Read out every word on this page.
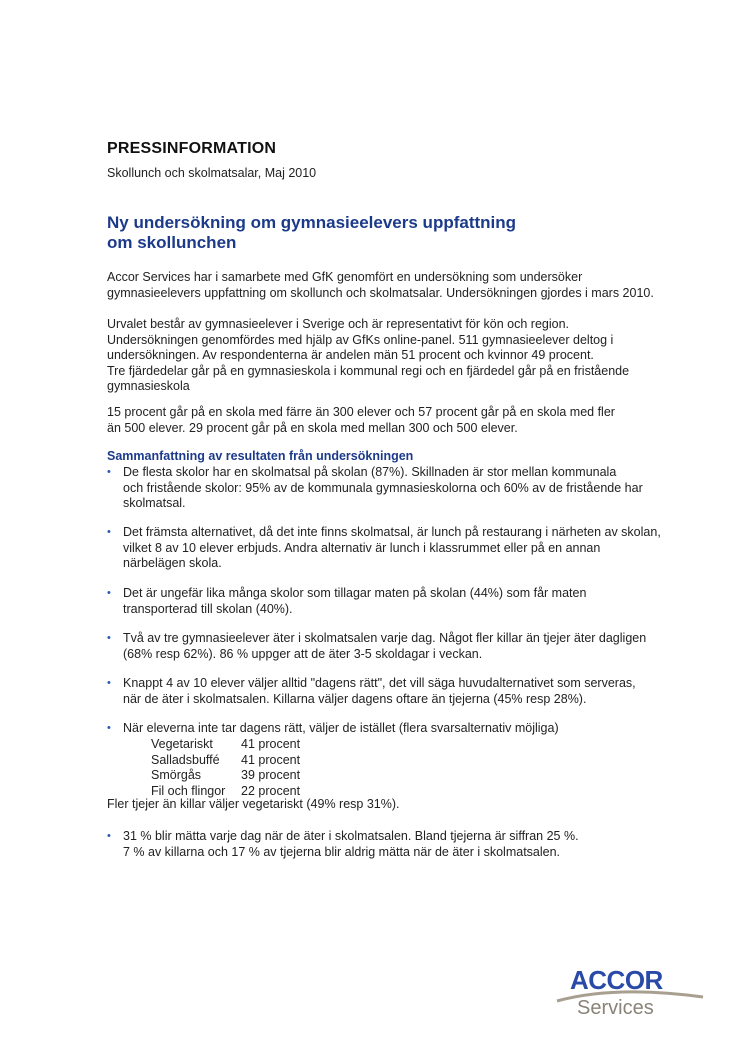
PRESSINFORMATION
Skollunch och skolmatsalar, Maj 2010
Ny undersökning om gymnasieelevers uppfattning
om skollunchen
Accor Services har i samarbete med GfK genomfört en undersökning som undersöker
gymnasieelevers uppfattning om skollunch och skolmatsalar. Undersökningen gjordes i mars 2010.
Urvalet består av gymnasieelever i Sverige och är representativt för kön och region.
Undersökningen genomfördes med hjälp av GfKs online-panel. 511 gymnasieelever deltog i
undersökningen. Av respondenterna är andelen män 51 procent och kvinnor 49 procent.
Tre fjärdedelar går på en gymnasieskola i kommunal regi och en fjärdedel går på en fristående
gymnasieskola
15 procent går på en skola med färre än 300 elever och 57 procent går på en skola med fler
än 500 elever. 29 procent går på en skola med mellan 300 och 500 elever.
Sammanfattning av resultaten från undersökningen
• De flesta skolor har en skolmatsal på skolan (87%). Skillnaden är stor mellan kommunala
och fristående skolor: 95% av de kommunala gymnasieskolorna och 60% av de fristående har
skolmatsal.
• Det främsta alternativet, då det inte finns skolmatsal, är lunch på restaurang i närheten av skolan,
vilket 8 av 10 elever erbjuds. Andra alternativ är lunch i klassrummet eller på en annan
närbelägen skola.
• Det är ungefär lika många skolor som tillagar maten på skolan (44%) som får maten
transporterad till skolan (40%).
• Två av tre gymnasieelever äter i skolmatsalen varje dag. Något fler killar än tjejer äter dagligen
(68% resp 62%). 86 % uppger att de äter 3-5 skoldagar i veckan.
• Knappt 4 av 10 elever väljer alltid "dagens rätt", det vill säga huvudalternativet som serveras,
när de äter i skolmatsalen. Killarna väljer dagens oftare än tjejerna (45% resp 28%).
• När eleverna inte tar dagens rätt, väljer de istället (flera svarsalternativ möjliga)
Vegetariskt	41 procent
Salladsbuffé	41 procent
Smörgås	39 procent
Fil och flingor	22 procent
Fler tjejer än killar väljer vegetariskt (49% resp 31%).
• 31 % blir mätta varje dag när de äter i skolmatsalen. Bland tjejerna är siffran 25 %.
7 % av killarna och 17 % av tjejerna blir aldrig mätta när de äter i skolmatsalen.
ACCOR
Services
